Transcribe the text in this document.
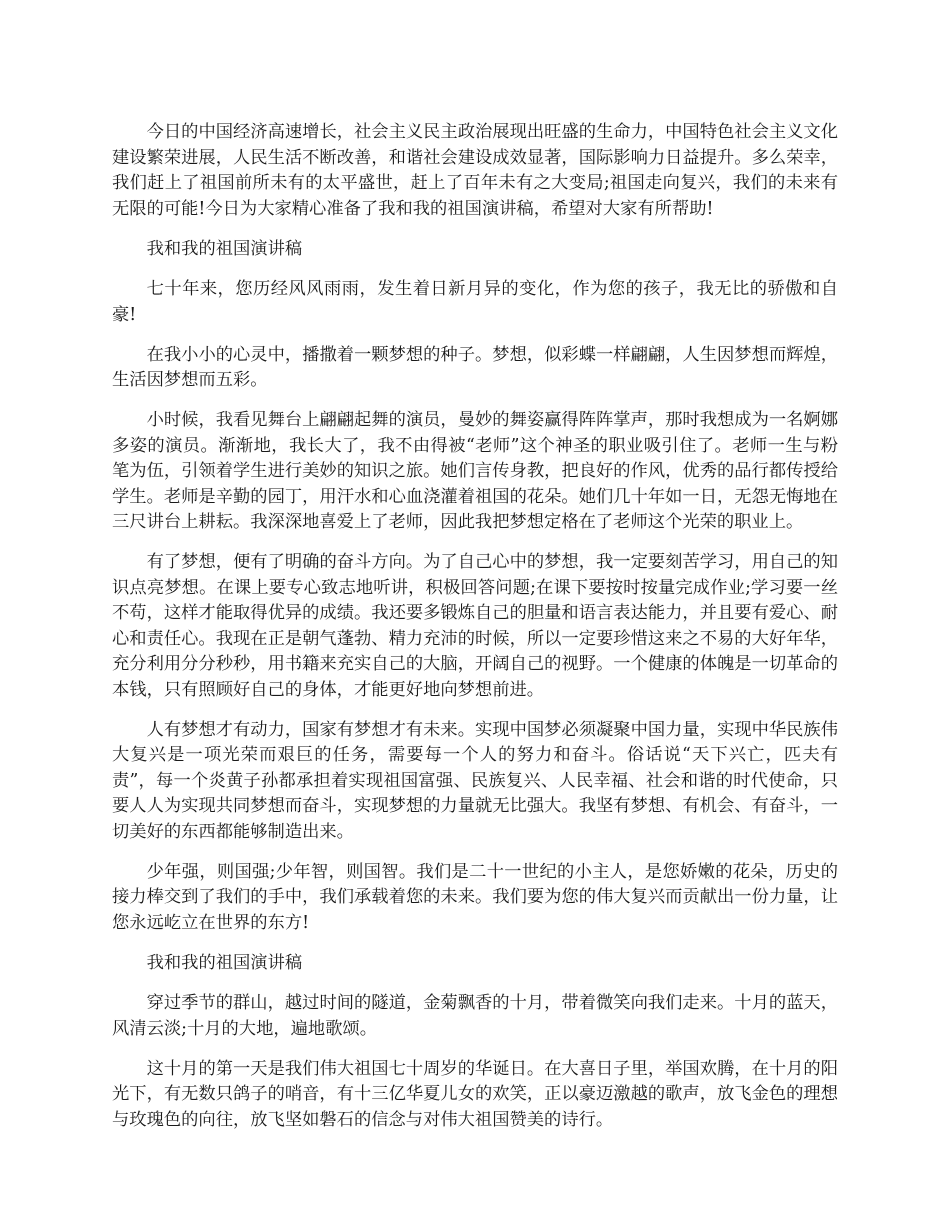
今日的中国经济高速增长，社会主义民主政治展现出旺盛的生命力，中国特色社会主义文化建设繁荣进展，人民生活不断改善，和谐社会建设成效显著，国际影响力日益提升。多么荣幸，我们赶上了祖国前所未有的太平盛世，赶上了百年未有之大变局;祖国走向复兴，我们的未来有无限的可能!今日为大家精心准备了我和我的祖国演讲稿，希望对大家有所帮助!

我和我的祖国演讲稿

七十年来，您历经风风雨雨，发生着日新月异的变化，作为您的孩子，我无比的骄傲和自豪!

在我小小的心灵中，播撒着一颗梦想的种子。梦想，似彩蝶一样翩翩，人生因梦想而辉煌，生活因梦想而五彩。

小时候，我看见舞台上翩翩起舞的演员，曼妙的舞姿赢得阵阵掌声，那时我想成为一名婀娜多姿的演员。渐渐地，我长大了，我不由得被“老师”这个神圣的职业吸引住了。老师一生与粉笔为伍，引领着学生进行美妙的知识之旅。她们言传身教，把良好的作风，优秀的品行都传授给学生。老师是辛勤的园丁，用汗水和心血浇灌着祖国的花朵。她们几十年如一日，无怨无悔地在三尺讲台上耕耘。我深深地喜爱上了老师，因此我把梦想定格在了老师这个光荣的职业上。

有了梦想，便有了明确的奋斗方向。为了自己心中的梦想，我一定要刻苦学习，用自己的知识点亮梦想。在课上要专心致志地听讲，积极回答问题;在课下要按时按量完成作业;学习要一丝不苟，这样才能取得优异的成绩。我还要多锻炼自己的胆量和语言表达能力，并且要有爱心、耐心和责任心。我现在正是朝气蓬勃、精力充沛的时候，所以一定要珍惜这来之不易的大好年华，充分利用分分秒秒，用书籍来充实自己的大脑，开阔自己的视野。一个健康的体魄是一切革命的本钱，只有照顾好自己的身体，才能更好地向梦想前进。

人有梦想才有动力，国家有梦想才有未来。实现中国梦必须凝聚中国力量，实现中华民族伟大复兴是一项光荣而艰巨的任务，需要每一个人的努力和奋斗。俗话说“天下兴亡，匹夫有责”，每一个炎黄子孙都承担着实现祖国富强、民族复兴、人民幸福、社会和谐的时代使命，只要人人为实现共同梦想而奋斗，实现梦想的力量就无比强大。我坚有梦想、有机会、有奋斗，一切美好的东西都能够制造出来。

少年强，则国强;少年智，则国智。我们是二十一世纪的小主人，是您娇嫩的花朵，历史的接力棒交到了我们的手中，我们承载着您的未来。我们要为您的伟大复兴而贡献出一份力量，让您永远屹立在世界的东方!

我和我的祖国演讲稿

穿过季节的群山，越过时间的隧道，金菊飘香的十月，带着微笑向我们走来。十月的蓝天，风清云淡;十月的大地，遍地歌颂。

这十月的第一天是我们伟大祖国七十周岁的华诞日。在大喜日子里，举国欢腾，在十月的阳光下，有无数只鸽子的哨音，有十三亿华夏儿女的欢笑，正以豪迈激越的歌声，放飞金色的理想与玫瑰色的向往，放飞坚如磐石的信念与对伟大祖国赞美的诗行。
